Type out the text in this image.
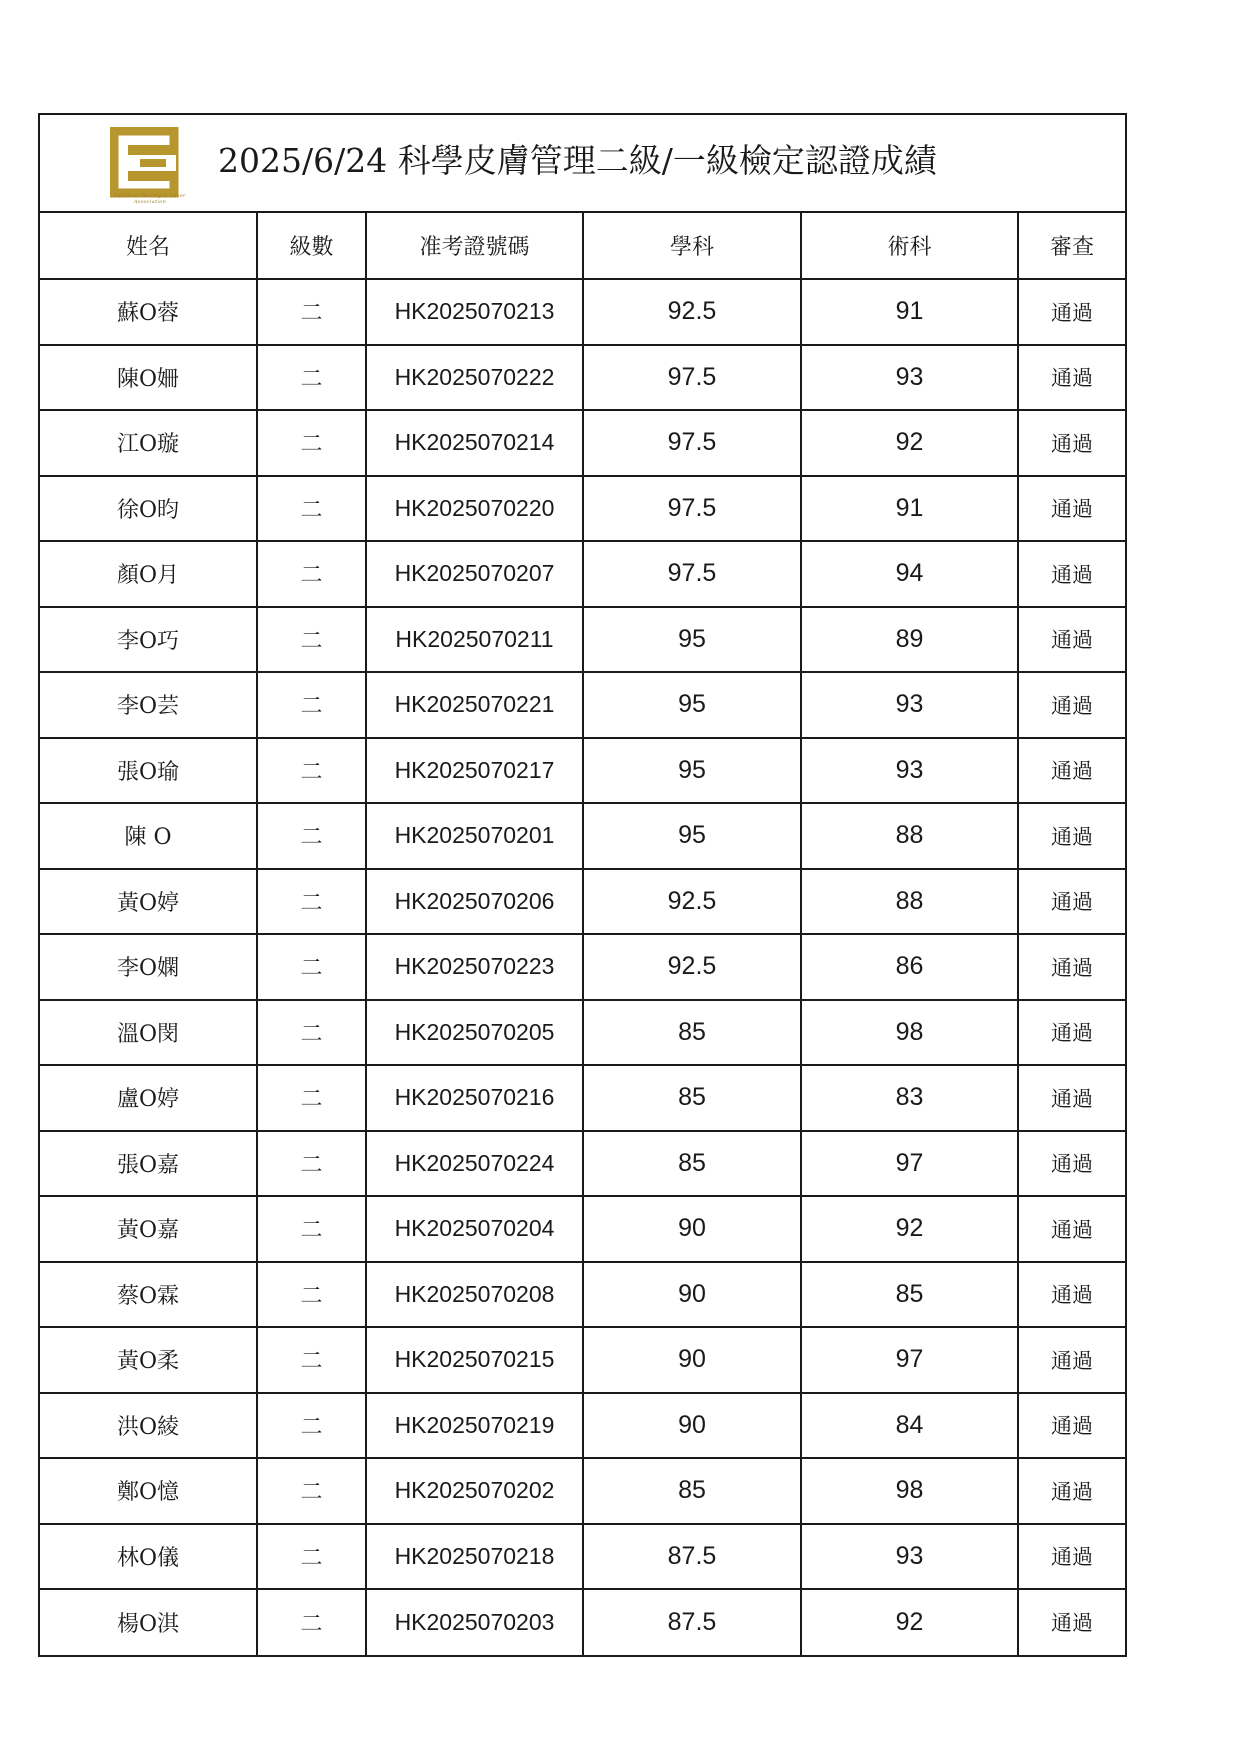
Optimum Beauty & Laser Association
2025/6/24 科學皮膚管理二級/一級檢定認證成績
姓名	級數	准考證號碼	學科	術科	審查
蘇O蓉	二	HK2025070213	92.5	91	通過
陳O姍	二	HK2025070222	97.5	93	通過
江O璇	二	HK2025070214	97.5	92	通過
徐O昀	二	HK2025070220	97.5	91	通過
顏O月	二	HK2025070207	97.5	94	通過
李O巧	二	HK2025070211	95	89	通過
李O芸	二	HK2025070221	95	93	通過
張O瑜	二	HK2025070217	95	93	通過
陳 O	二	HK2025070201	95	88	通過
黃O婷	二	HK2025070206	92.5	88	通過
李O嫻	二	HK2025070223	92.5	86	通過
溫O閔	二	HK2025070205	85	98	通過
盧O婷	二	HK2025070216	85	83	通過
張O嘉	二	HK2025070224	85	97	通過
黃O嘉	二	HK2025070204	90	92	通過
蔡O霖	二	HK2025070208	90	85	通過
黃O柔	二	HK2025070215	90	97	通過
洪O綾	二	HK2025070219	90	84	通過
鄭O憶	二	HK2025070202	85	98	通過
林O儀	二	HK2025070218	87.5	93	通過
楊O淇	二	HK2025070203	87.5	92	通過
